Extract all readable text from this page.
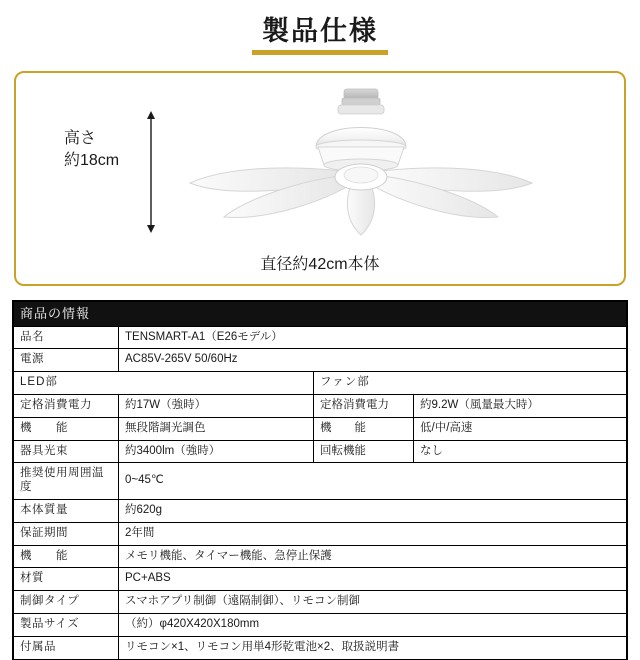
製品仕様
高さ
約18cm
直径約42cm本体
商品の情報			
品名	TENSMART-A1（E26モデル）		
電源	AC85V-265V 50/60Hz		
LED部		ファン部	
定格消費電力	約17W（強時）	定格消費電力	約9.2W（風量最大時）
機　　能	無段階調光調色	機　　能	低/中/高速
器具光束	約3400lm（強時）	回転機能	なし
推奨使用周囲温度	0~45℃		
本体質量	約620g		
保証期間	2年間		
機　　能	メモリ機能、タイマー機能、急停止保護		
材質	PC+ABS		
制御タイプ	スマホアプリ制御（遠隔制御）、リモコン制御		
製品サイズ	（約）φ420X420X180mm		
付属品	リモコン×1、リモコン用単4形乾電池×2、取扱説明書		
